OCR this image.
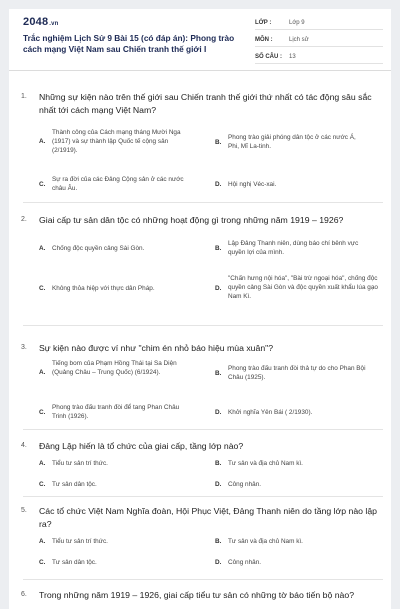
2048.vn
Trắc nghiệm Lịch Sử 9 Bài 15 (có đáp án): Phong trào cách mạng Việt Nam sau Chiến tranh thế giới I
LỚP :	Lớp 9
MÔN :	Lịch sử
SỐ CÂU : 13
1. Những sự kiện nào trên thế giới sau Chiến tranh thế giới thứ nhất có tác động sâu sắc nhất tới cách mạng Việt Nam?
A.
Thành công của Cách mạng tháng Mười Nga (1917) và sự thành lập Quốc tế cộng sản (2/1919).
B.
Phong trào giải phóng dân tộc ở các nước Á, Phi, Mĩ La-tinh.
C.
Sự ra đời của các Đảng Cộng sản ở các nước châu Âu.
D. Hội nghị Véc-xai.
2. Giai cấp tư sản dân tộc có những hoạt động gì trong những năm 1919 – 1926?
A. Chống độc quyền cảng Sài Gòn.	B.
Lập Đảng Thanh niên, dùng báo chí bênh vực quyền lợi của mình.
C. Không thỏa hiệp với thực dân Pháp.	D.
"Chấn hưng nội hóa", "Bài trừ ngoại hóa", chống độc quyền cảng Sài Gòn và độc quyền xuất khẩu lúa gạo Nam Kì.
3. Sự kiện nào được ví như "chim én nhỏ báo hiệu mùa xuân"?
A.
Tiếng bom của Phạm Hồng Thái tại Sa Diện (Quảng Châu – Trung Quốc) (6/1924).	B.
Phong trào đấu tranh đòi thả tự do cho Phan Bội Châu (1925).
C.
Phong trào đấu tranh đòi để tang Phan Châu Trinh (1926).
D. Khởi nghĩa Yên Bái ( 2/1930).
4. Đảng Lập hiến là tổ chức của giai cấp, tầng lớp nào?
A. Tiểu tư sản trí thức.	B. Tư sản và địa chủ Nam kì.
C. Tư sản dân tộc.	D. Công nhân.
5. Các tổ chức Việt Nam Nghĩa đoàn, Hội Phục Việt, Đảng Thanh niên do tầng lớp nào lập ra?
A. Tiểu tư sản trí thức.	B. Tư sản và địa chủ Nam kì.
C. Tư sản dân tộc.	D. Công nhân.
6. Trong những năm 1919 – 1926, giai cấp tiểu tư sản có những tờ báo tiến bộ nào?
